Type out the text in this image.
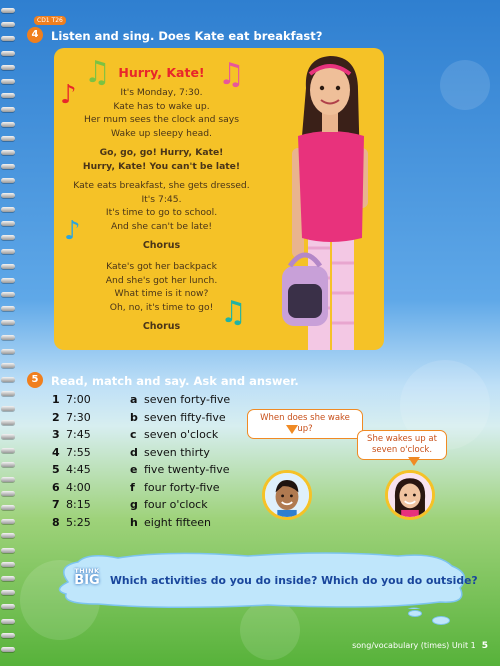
CD1 T26
4	Listen and sing. Does Kate eat breakfast?
Hurry, Kate!
It's Monday, 7:30.
Kate has to wake up.
Her mum sees the clock and says
Wake up sleepy head.
Go, go, go! Hurry, Kate!
Hurry, Kate! You can't be late!
Kate eats breakfast, she gets dressed.
It's 7:45.
It's time to go to school.
And she can't be late!
Chorus
Kate's got her backpack
And she's got her lunch.
What time is it now?
Oh, no, it's time to go!
Chorus
♫
♪
♫
♪
♫
5	Read, match and say. Ask and answer.
1 7:00	a seven forty-five
2 7:30	b seven fifty-five
3 7:45	c seven o'clock
4 7:55	d seven thirty
5 4:45	e five twenty-five
6 4:00	f four forty-five
7 8:15	g four o'clock
8 5:25	h eight fifteen
When does she wake up?
She wakes up at seven o'clock.
THINK
BIG Which activities do you do inside? Which do you do outside?
song/vocabulary (times) Unit 1 5
